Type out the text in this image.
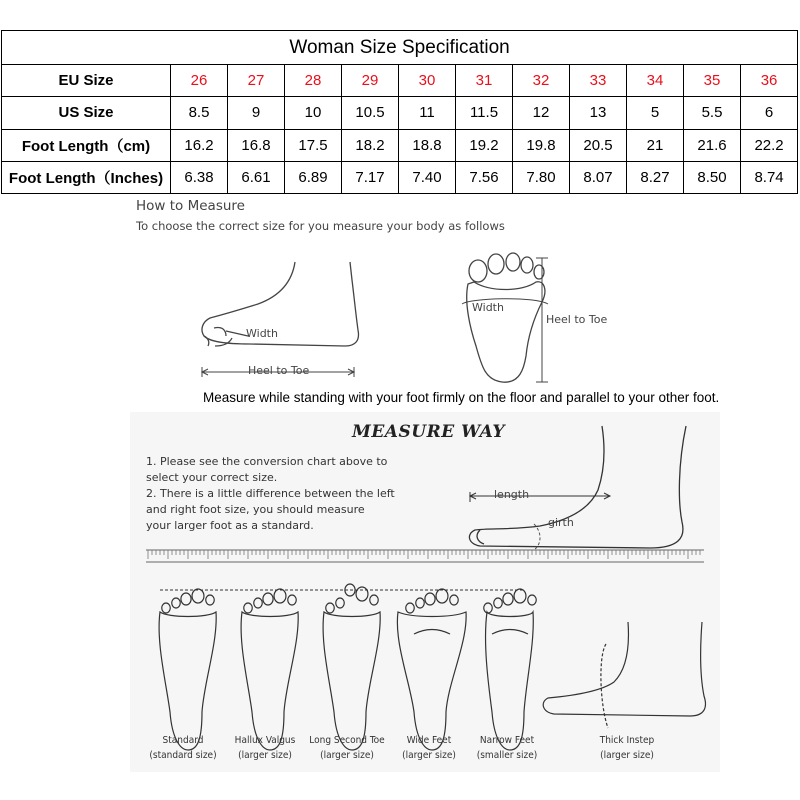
Woman Size Specification											
EU Size	26	27	28	29	30	31	32	33	34	35	36
US Size	8.5	9	10	10.5	11	11.5	12	13	5	5.5	6
Foot Length（cm)	16.2	16.8	17.5	18.2	18.8	19.2	19.8	20.5	21	21.6	22.2
Foot Length（Inches)	6.38	6.61	6.89	7.17	7.40	7.56	7.80	8.07	8.27	8.50	8.74
How to Measure
To choose the correct size for you measure your body as follows
Width
Heel to Toe
Width
Heel to Toe
Measure while standing with your foot firmly on the floor and parallel to your other foot.
MEASURE WAY
1. Please see the conversion chart above to
select your correct size.
2. There is a little difference between the left
and right foot size, you should measure
your larger foot as a standard.
length
girth
Standard
(standard size)
Hallux Valgus
(larger size)
Long Second Toe
(larger size)
Wide Feet
(larger size)
Narrow Feet
(smaller size)
Thick Instep
(larger size)
